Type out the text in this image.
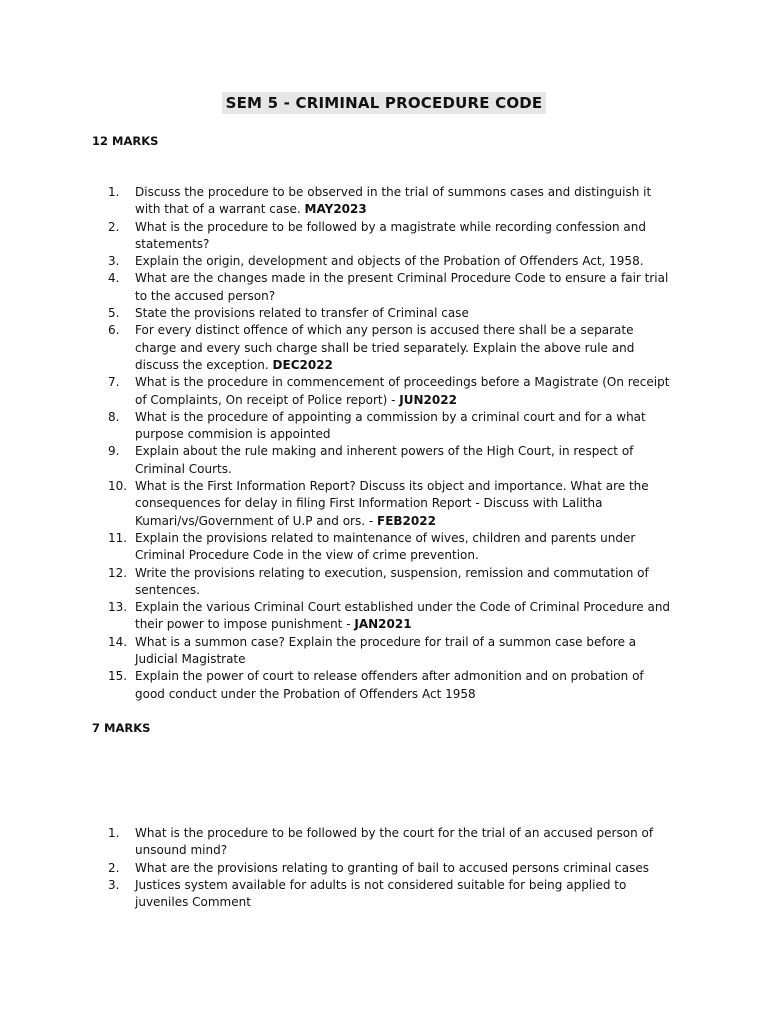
SEM 5 - CRIMINAL PROCEDURE CODE
12 MARKS
1. Discuss the procedure to be observed in the trial of summons cases and distinguish it with that of a warrant case. MAY2023
2. What is the procedure to be followed by a magistrate while recording confession and statements?
3. Explain the origin, development and objects of the Probation of Offenders Act, 1958.
4. What are the changes made in the present Criminal Procedure Code to ensure a fair trial to the accused person?
5. State the provisions related to transfer of Criminal case
6. For every distinct offence of which any person is accused there shall be a separate charge and every such charge shall be tried separately. Explain the above rule and discuss the exception. DEC2022
7. What is the procedure in commencement of proceedings before a Magistrate (On receipt of Complaints, On receipt of Police report) - JUN2022
8. What is the procedure of appointing a commission by a criminal court and for a what purpose commision is appointed
9. Explain about the rule making and inherent powers of the High Court, in respect of Criminal Courts.
10. What is the First Information Report? Discuss its object and importance. What are the consequences for delay in filing First Information Report - Discuss with Lalitha Kumari/vs/Government of U.P and ors. - FEB2022
11. Explain the provisions related to maintenance of wives, children and parents under Criminal Procedure Code in the view of crime prevention.
12. Write the provisions relating to execution, suspension, remission and commutation of sentences.
13. Explain the various Criminal Court established under the Code of Criminal Procedure and their power to impose punishment - JAN2021
14. What is a summon case? Explain the procedure for trail of a summon case before a Judicial Magistrate
15. Explain the power of court to release offenders after admonition and on probation of good conduct under the Probation of Offenders Act 1958
7 MARKS
1. What is the procedure to be followed by the court for the trial of an accused person of unsound mind?
2. What are the provisions relating to granting of bail to accused persons criminal cases
3. Justices system available for adults is not considered suitable for being applied to juveniles Comment
